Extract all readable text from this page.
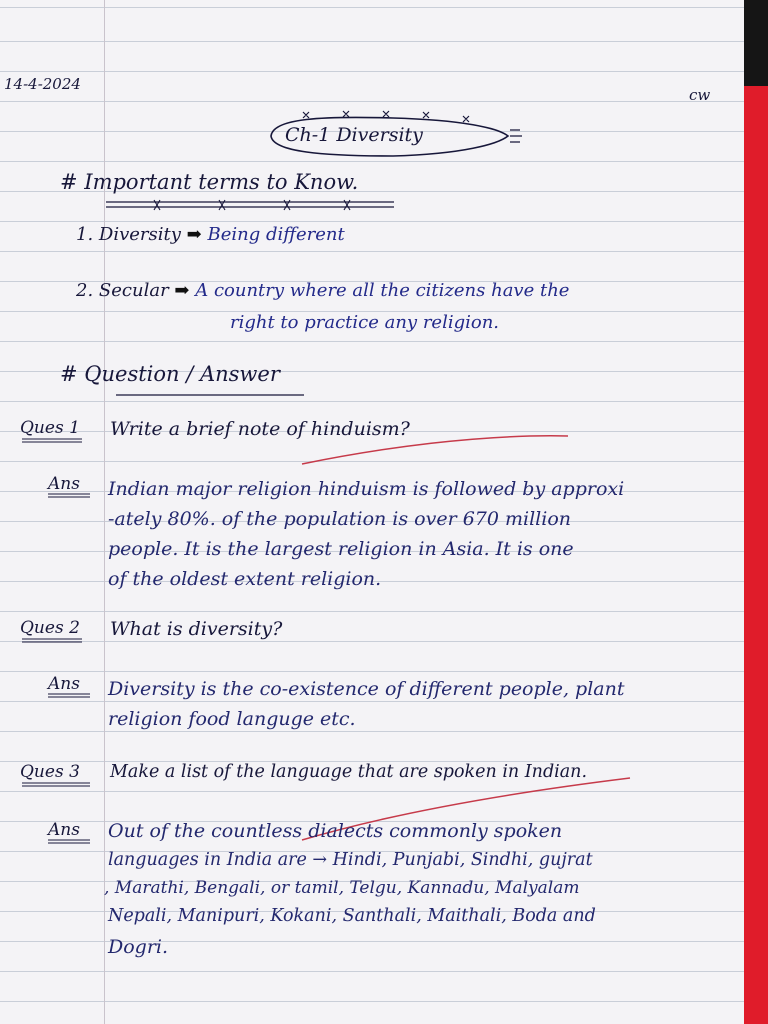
14-4-2024
cw
Ch-1 Diversity
# Important terms to Know.
1. Diversity ➡ Being different
2. Secular ➡ A country where all the citizens have the
right to practice any religion.
# Question / Answer
Ques 1 Write a brief note of hinduism?
Ans Indian major religion hinduism is followed by approxi
-ately 80%. of the population is over 670 million
people. It is the largest religion in Asia. It is one
of the oldest extent religion.
Ques 2 What is diversity?
Ans Diversity is the co-existence of different people, plant
religion food languge etc.
Ques 3 Make a list of the language that are spoken in Indian.
Ans Out of the countless dialects commonly spoken
languages in India are → Hindi, Punjabi, Sindhi, gujrat
, Marathi, Bengali, or tamil, Telgu, Kannadu, Malyalam
Nepali, Manipuri, Kokani, Santhali, Maithali, Boda and
Dogri.
